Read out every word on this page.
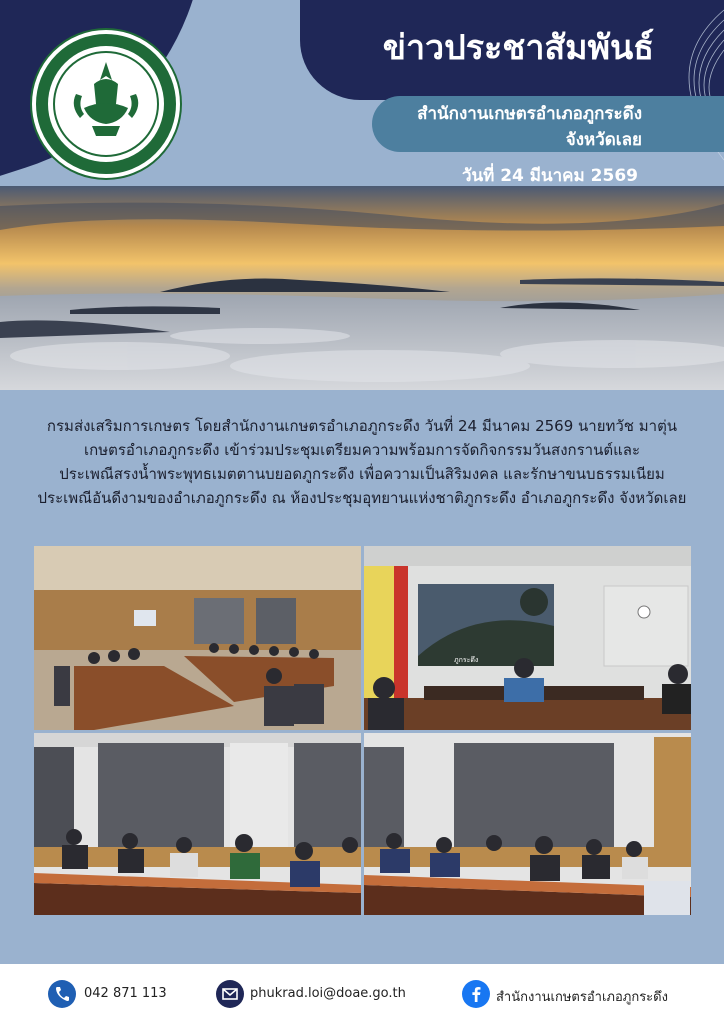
ข่าวประชาสัมพันธ์
สำนักงานเกษตรอำเภอภูกระดึง
จังหวัดเลย
วันที่ 24 มีนาคม 2569
กรมส่งเสริมการเกษตร โดยสำนักงานเกษตรอำเภอภูกระดึง วันที่ 24 มีนาคม 2569 นายทวัช มาตุ่น
เกษตรอำเภอภูกระดึง เข้าร่วมประชุมเตรียมความพร้อมการจัดกิจกรรมวันสงกรานต์และ
ประเพณีสรงน้ำพระพุทธเมตตานบยอดภูกระดึง เพื่อความเป็นสิริมงคล และรักษาขนบธรรมเนียม
ประเพณีอันดีงามของอำเภอภูกระดึง ณ ห้องประชุมอุทยานแห่งชาติภูกระดึง อำเภอภูกระดึง จังหวัดเลย
ภูกระดึง
042 871 113	phukrad.loi@doae.go.th	สำนักงานเกษตรอำเภอภูกระดึง
